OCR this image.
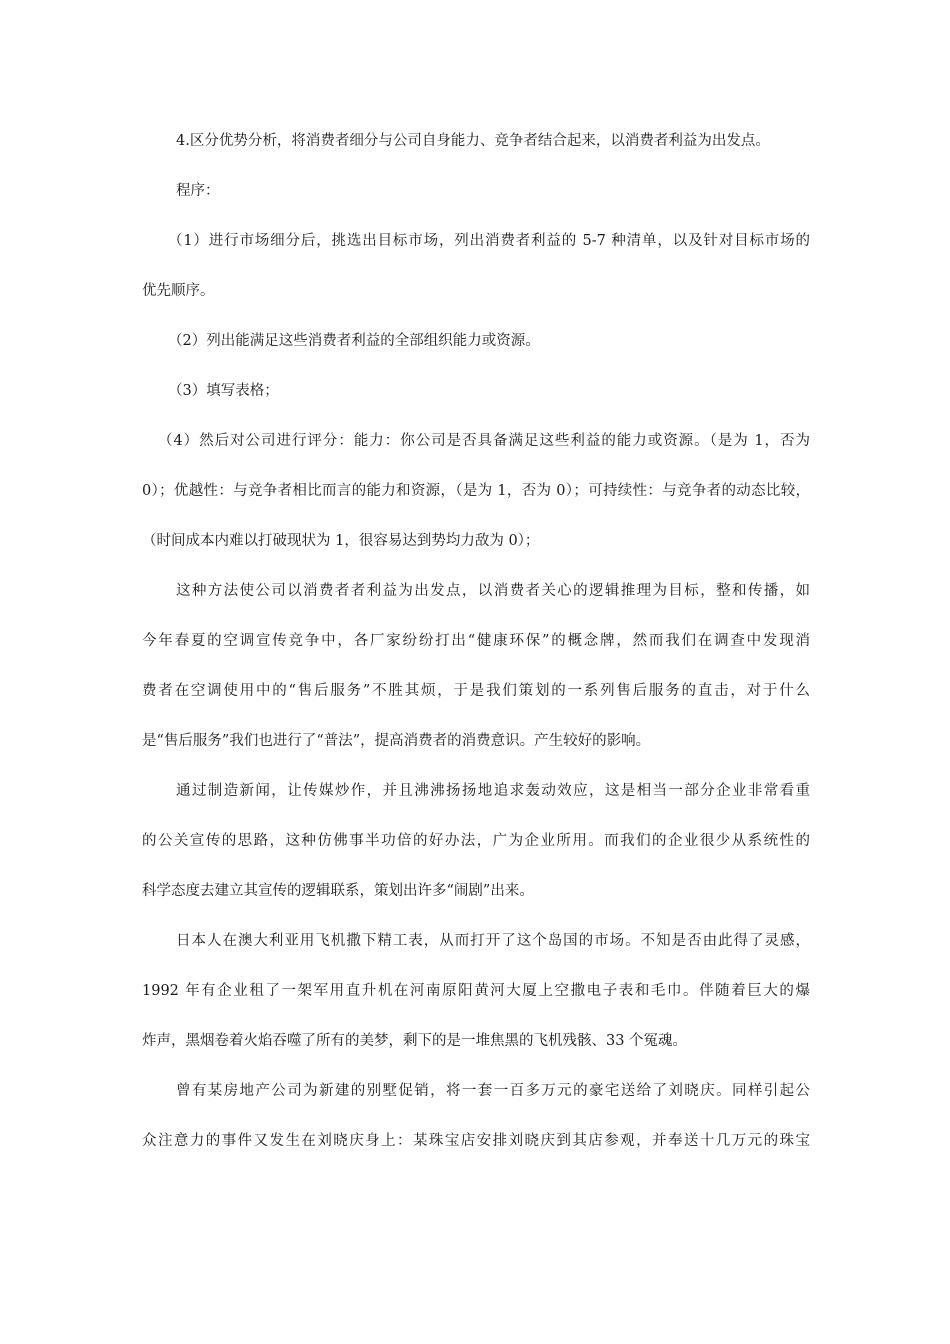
4.区分优势分析，将消费者细分与公司自身能力、竞争者结合起来，以消费者利益为出发点。
程序：
（1）进行市场细分后，挑选出目标市场，列出消费者利益的 5-7 种清单，以及针对目标市场的
优先顺序。
（2）列出能满足这些消费者利益的全部组织能力或资源。
（3）填写表格；
（4）然后对公司进行评分：能力：你公司是否具备满足这些利益的能力或资源。（是为 1，否为
0）；优越性：与竞争者相比而言的能力和资源，（是为 1，否为 0）；可持续性：与竞争者的动态比较，
（时间成本内难以打破现状为 1，很容易达到势均力敌为 0）；
这种方法使公司以消费者者利益为出发点，以消费者关心的逻辑推理为目标，整和传播，如
今年春夏的空调宣传竞争中，各厂家纷纷打出“健康环保”的概念牌，然而我们在调查中发现消
费者在空调使用中的“售后服务”不胜其烦，于是我们策划的一系列售后服务的直击，对于什么
是“售后服务”我们也进行了“普法”，提高消费者的消费意识。产生较好的影响。
通过制造新闻，让传媒炒作，并且沸沸扬扬地追求轰动效应，这是相当一部分企业非常看重
的公关宣传的思路，这种仿佛事半功倍的好办法，广为企业所用。而我们的企业很少从系统性的
科学态度去建立其宣传的逻辑联系，策划出许多“闹剧”出来。
日本人在澳大利亚用飞机撒下精工表，从而打开了这个岛国的市场。不知是否由此得了灵感，
1992 年有企业租了一架军用直升机在河南原阳黄河大厦上空撒电子表和毛巾。伴随着巨大的爆
炸声，黑烟卷着火焰吞噬了所有的美梦，剩下的是一堆焦黑的飞机残骸、33 个冤魂。
曾有某房地产公司为新建的别墅促销，将一套一百多万元的豪宅送给了刘晓庆。同样引起公
众注意力的事件又发生在刘晓庆身上：某珠宝店安排刘晓庆到其店参观，并奉送十几万元的珠宝
